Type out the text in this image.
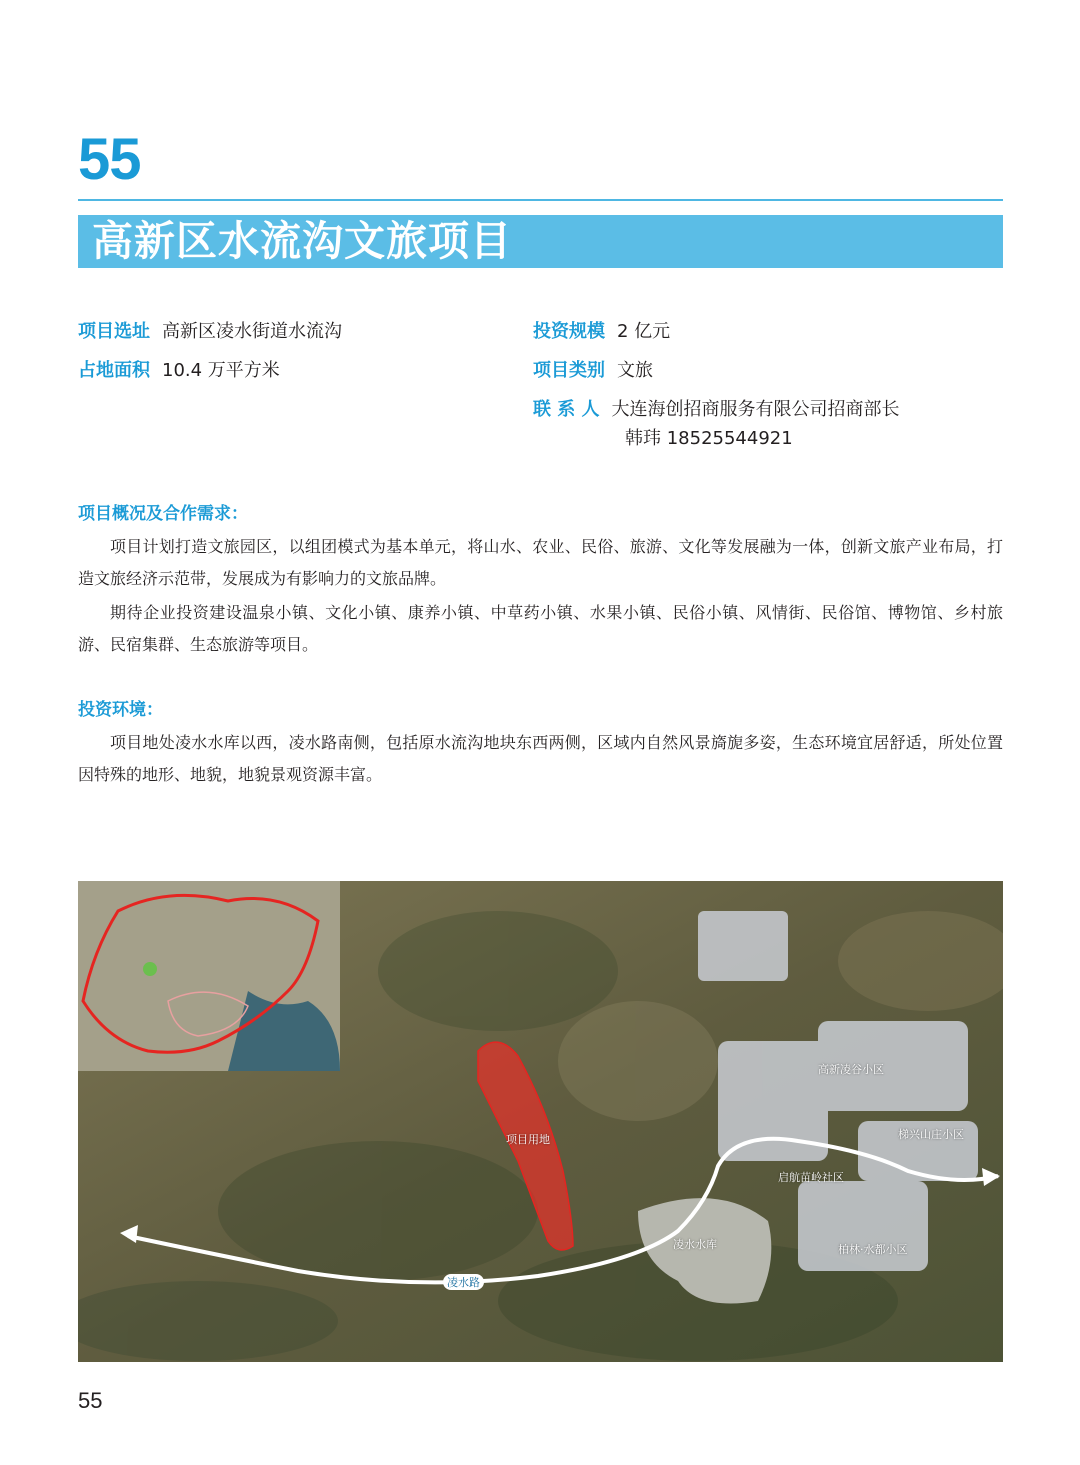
55
高新区水流沟文旅项目
项目选址 高新区凌水街道水流沟
占地面积 10.4 万平方米
投资规模 2 亿元
项目类别 文旅
联 系 人 大连海创招商服务有限公司招商部长
韩玮 18525544921
项目概况及合作需求：

项目计划打造文旅园区，以组团模式为基本单元，将山水、农业、民俗、旅游、文化等发展融为一体，创新文旅产业布局，打造文旅经济示范带，发展成为有影响力的文旅品牌。

期待企业投资建设温泉小镇、文化小镇、康养小镇、中草药小镇、水果小镇、民俗小镇、风情街、民俗馆、博物馆、乡村旅游、民宿集群、生态旅游等项目。

投资环境：

项目地处凌水水库以西，凌水路南侧，包括原水流沟地块东西两侧，区域内自然风景旖旎多姿，生态环境宜居舒适，所处位置因特殊的地形、地貌，地貌景观资源丰富。

项目用地
凌水路
凌水水库
高新凌谷小区
梯兴山庄小区
启航苗岭社区
柏林·水都小区
55
